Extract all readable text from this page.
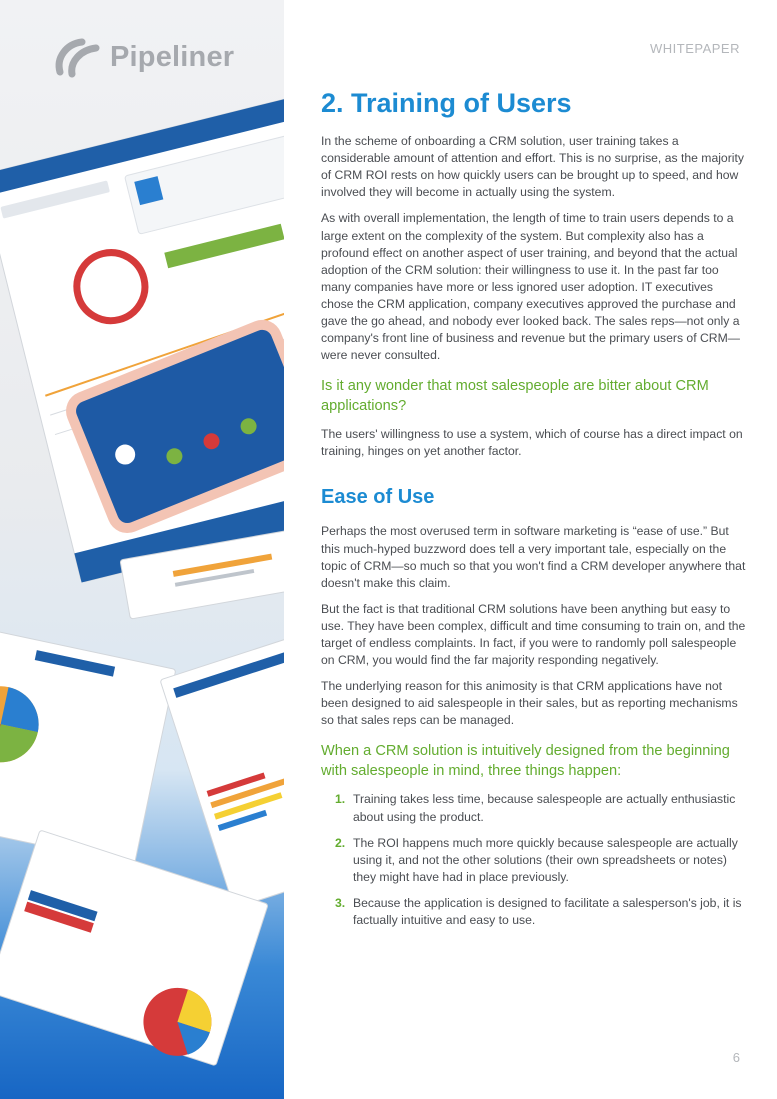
Pipeliner	WHITEPAPER
2. Training of Users

In the scheme of onboarding a CRM solution, user training takes a considerable amount of attention and effort. This is no surprise, as the majority of CRM ROI rests on how quickly users can be brought up to speed, and how involved they will become in actually using the system.

As with overall implementation, the length of time to train users depends to a large extent on the complexity of the system. But complexity also has a profound effect on another aspect of user training, and beyond that the actual adoption of the CRM solution: their willingness to use it. In the past far too many companies have more or less ignored user adoption. IT executives chose the CRM application, company executives approved the purchase and gave the go ahead, and nobody ever looked back. The sales reps—not only a company's front line of business and revenue but the primary users of CRM—were never consulted.

Is it any wonder that most salespeople are bitter about CRM applications?

The users' willingness to use a system, which of course has a direct impact on training, hinges on yet another factor.

Ease of Use

Perhaps the most overused term in software marketing is “ease of use.” But this much-hyped buzzword does tell a very important tale, especially on the topic of CRM—so much so that you won't find a CRM developer anywhere that doesn't make this claim.

But the fact is that traditional CRM solutions have been anything but easy to use. They have been complex, difficult and time consuming to train on, and the target of endless complaints. In fact, if you were to randomly poll salespeople on CRM, you would find the far majority responding negatively.

The underlying reason for this animosity is that CRM applications have not been designed to aid salespeople in their sales, but as reporting mechanisms so that sales reps can be managed.

When a CRM solution is intuitively designed from the beginning with salespeople in mind, three things happen:
1. Training takes less time, because salespeople are actually enthusiastic about using the product.
2. The ROI happens much more quickly because salespeople are actually using it, and not the other solutions (their own spreadsheets or notes) they might have had in place previously.
3. Because the application is designed to facilitate a salesperson's job, it is factually intuitive and easy to use.
6
